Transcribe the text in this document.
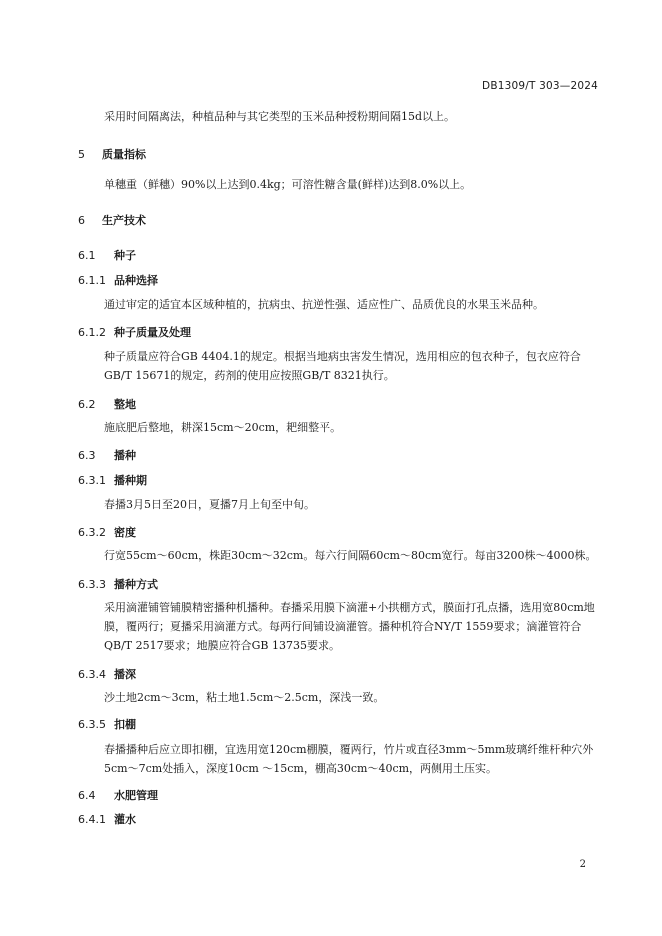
DB1309/T 303—2024
采用时间隔离法，种植品种与其它类型的玉米品种授粉期间隔15d以上。
5 质量指标
单穗重（鲜穗）90%以上达到0.4kg；可溶性糖含量(鲜样)达到8.0%以上。
6 生产技术
6.1 种子
6.1.1 品种选择
通过审定的适宜本区域种植的，抗病虫、抗逆性强、适应性广、品质优良的水果玉米品种。
6.1.2 种子质量及处理
种子质量应符合GB 4404.1的规定。根据当地病虫害发生情况，选用相应的包衣种子，包衣应符合GB/T 15671的规定，药剂的使用应按照GB/T 8321执行。
6.2 整地
施底肥后整地，耕深15cm～20cm，耙细整平。
6.3 播种
6.3.1 播种期
春播3月5日至20日，夏播7月上旬至中旬。
6.3.2 密度
行宽55cm～60cm，株距30cm～32cm。每六行间隔60cm～80cm宽行。每亩3200株～4000株。
6.3.3 播种方式
采用滴灌铺管铺膜精密播种机播种。春播采用膜下滴灌+小拱棚方式，膜面打孔点播，选用宽80cm地膜，覆两行；夏播采用滴灌方式。每两行间铺设滴灌管。播种机符合NY/T 1559要求；滴灌管符合QB/T 2517要求；地膜应符合GB 13735要求。
6.3.4 播深
沙土地2cm～3cm，粘土地1.5cm～2.5cm，深浅一致。
6.3.5 扣棚
春播播种后应立即扣棚，宜选用宽120cm棚膜，覆两行，竹片或直径3mm～5mm玻璃纤维杆种穴外5cm～7cm处插入，深度10cm ～15cm，棚高30cm～40cm，两侧用土压实。
6.4 水肥管理
6.4.1 灌水
2
